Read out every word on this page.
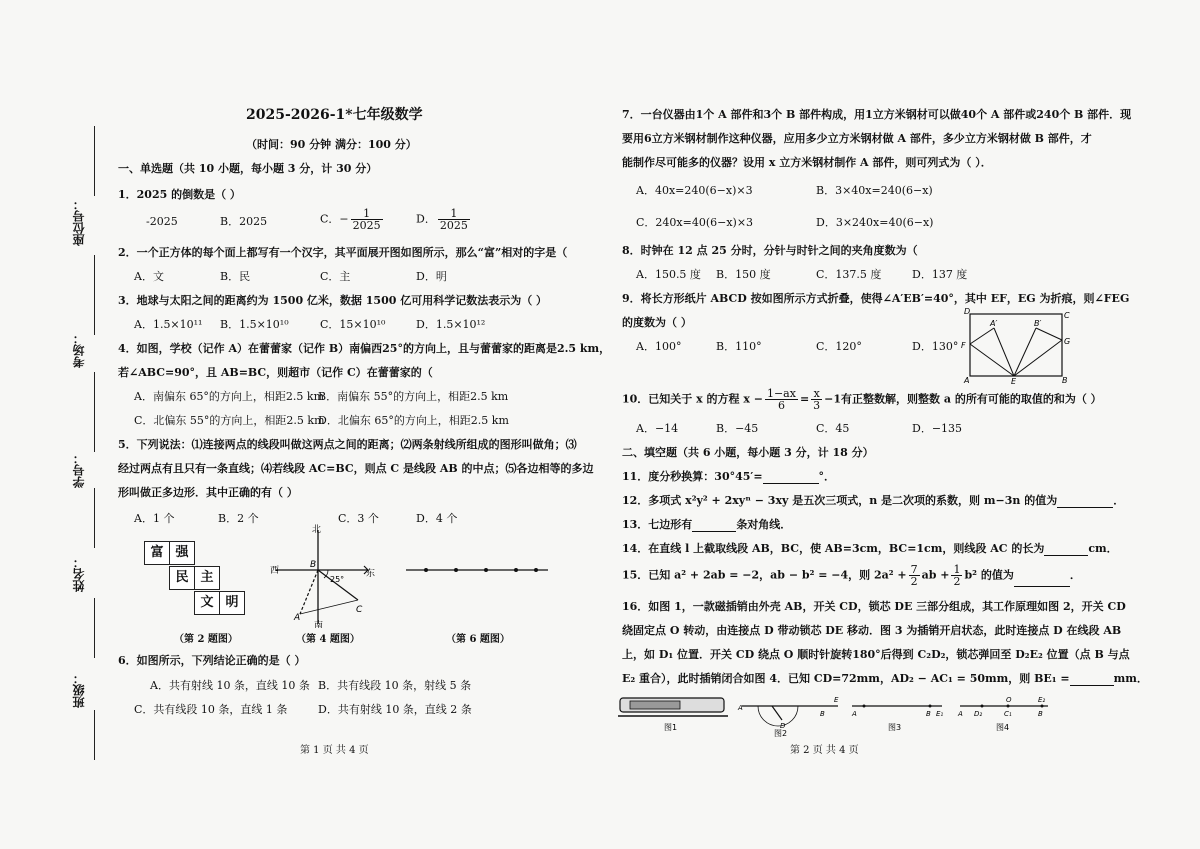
座位号：
考场：
学号：
姓名：
班级：
2025-2026-1*七年级数学
（时间：90 分钟 满分：100 分）
一、单选题（共 10 小题，每小题 3 分，计 30 分）
1．2025 的倒数是（ ）
-2025	B．2025	C．− $\frac{1}{2025}$	D． $\frac{1}{2025}$
2．一个正方体的每个面上都写有一个汉字，其平面展开图如图所示，那么“富”相对的字是（
A．文	B．民	C．主	D．明
3．地球与太阳之间的距离约为 1500 亿米，数据 1500 亿可用科学记数法表示为（ ）
A．1.5×10¹¹ B．1.5×10¹⁰	C．15×10¹⁰	D．1.5×10¹²
4．如图，学校（记作 A）在蕾蕾家（记作 B）南偏西25°的方向上，且与蕾蕾家的距离是2.5 km，
若∠ABC=90°，且 AB=BC，则超市（记作 C）在蕾蕾家的（
A．南偏东 65°的方向上，相距2.5 km
B．南偏东 55°的方向上，相距2.5 km
C．北偏东 55°的方向上，相距2.5 km
D．北偏东 65°的方向上，相距2.5 km
5．下列说法：⑴连接两点的线段叫做这两点之间的距离；⑵两条射线所组成的图形叫做角；⑶
经过两点有且只有一条直线；⑷若线段 AC=BC，则点 C 是线段 AB 的中点；⑸各边相等的多边
形叫做正多边形．其中正确的有（ ）
A．1 个	B．2 个	C．3 个	D．4 个
富 强
民 主
文 明
北
东
西
南
B
A
C
25°
（第 2 题图）	（第 4 题图）	（第 6 题图）
6．如图所示，下列结论正确的是（ ）
A．共有射线 10 条，直线 10 条 B．共有线段 10 条，射线 5 条
C．共有线段 10 条，直线 1 条	D．共有射线 10 条，直线 2 条
第 1 页 共 4 页
7．一台仪器由1个 A 部件和3个 B 部件构成，用1立方米钢材可以做40个 A 部件或240个 B 部件．现
要用6立方米钢材制作这种仪器，应用多少立方米钢材做 A 部件，多少立方米钢材做 B 部件，才
能制作尽可能多的仪器？设用 x 立方米钢材制作 A 部件，则可列式为（ ）．
A．40x=240(6−x)×3	B．3×40x=240(6−x)
C．240x=40(6−x)×3	D．3×240x=40(6−x)
8．时钟在 12 点 25 分时，分针与时针之间的夹角度数为（
A．150.5 度 B．150 度	C．137.5 度	D．137 度
9．将长方形纸片 ABCD 按如图所示方式折叠，使得∠A′EB′=40°，其中 EF，EG 为折痕，则∠FEG
的度数为（ ）
A．100°	B．110°	C．120°	D．130°
D	C
A′	B′
F	G
A	E	B
10．已知关于 x 的方程 $x - \frac{1-ax}{6} = \frac{x}{3} -1$有正整数解，则整数 a 的所有可能的取值的和为（ ）
A．−14	B．−45	C．45	D．−135
二、填空题（共 6 小题，每小题 3 分，计 18 分）
11．度分秒换算：30°45′=	°．
12．多项式 x²y² + 2xyⁿ − 3xy 是五次三项式，n 是二次项的系数，则 m−3n 的值为	．
13．七边形有	条对角线．
14．在直线 l 上截取线段 AB，BC，使 AB=3cm，BC=1cm，则线段 AC 的长为	cm．
15．已知 a² + 2ab = −2，ab − b² = −4，则 $2a^2 + \frac{7}{2}$ ab + $\frac{1}{2} b^2$ 的值为	．
16．如图 1，一款磁插销由外壳 AB，开关 CD，锁芯 DE 三部分组成，其工作原理如图 2，开关 CD
绕固定点 O 转动，由连接点 D 带动锁芯 DE 移动．图 3 为插销开启状态，此时连接点 D 在线段 AB
上，如 D₁ 位置．开关 CD 绕点 O 顺时针旋转180°后得到 C₂D₂，锁芯弹回至 D₂E₂ 位置（点 B 与点
E₂ 重合），此时插销闭合如图 4．已知 CD=72mm，AD₂ − AC₁ = 50mm，则 BE₁ =	mm．
图1
A
B
D
E
图2
A	B E₁
图3
A D₂
O
C₁
E₂
B
图4
第 2 页 共 4 页
